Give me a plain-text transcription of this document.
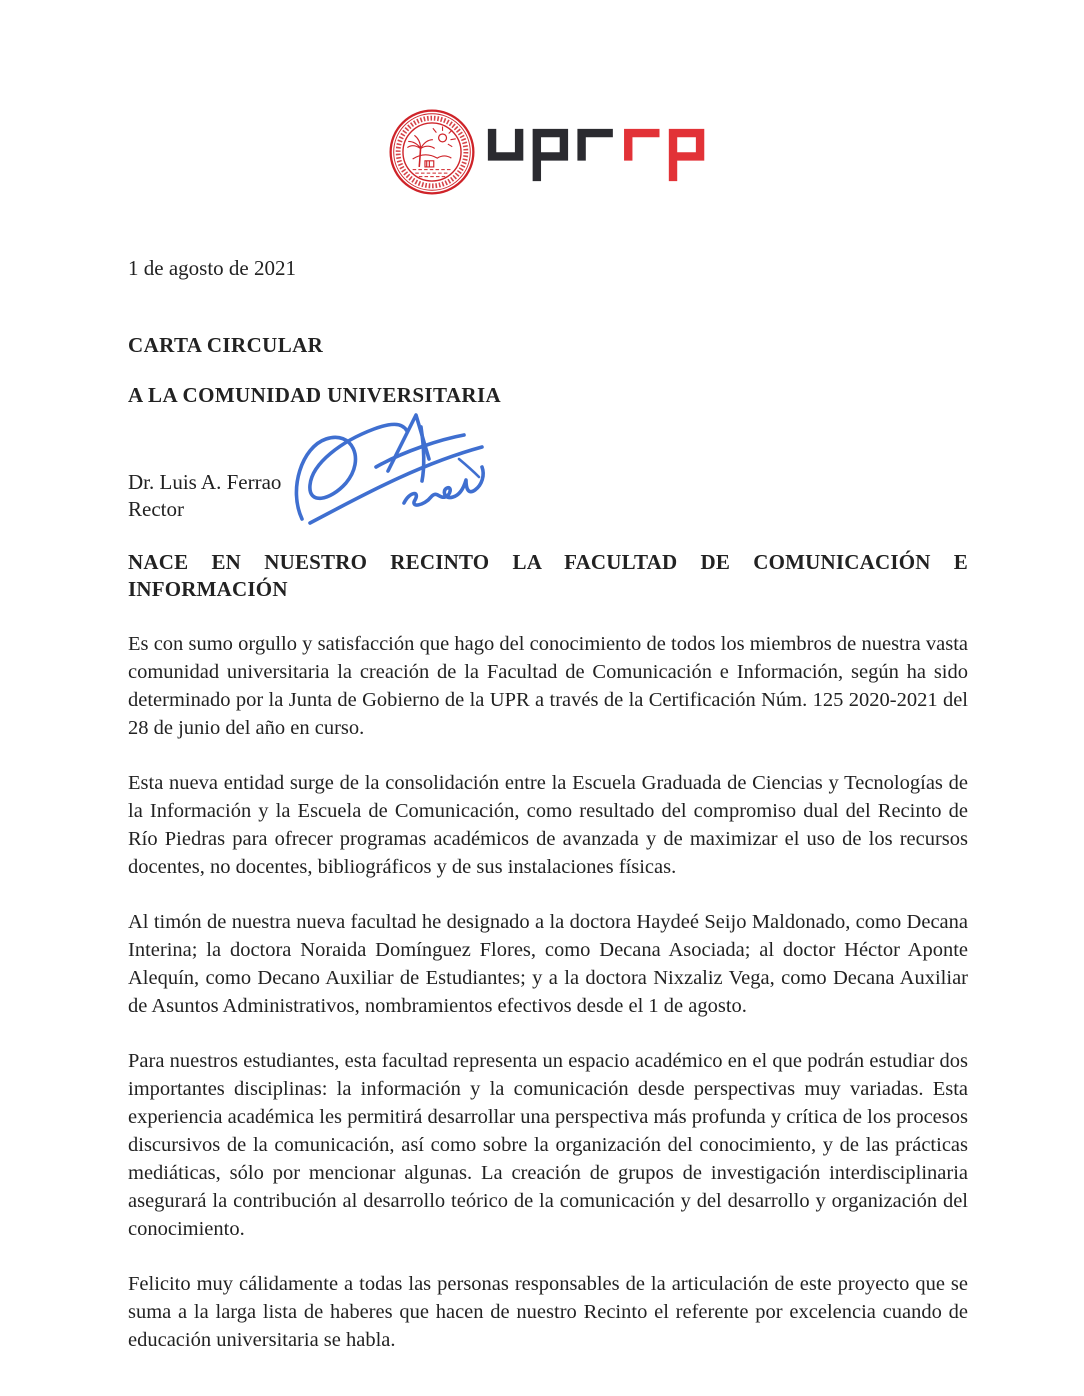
1 de agosto de 2021
CARTA CIRCULAR
A LA COMUNIDAD UNIVERSITARIA
Dr. Luis A. Ferrao
Rector
NACE EN NUESTRO RECINTO LA FACULTAD DE COMUNICACIÓN E
INFORMACIÓN

Es con sumo orgullo y satisfacción que hago del conocimiento de todos los miembros de nuestra vasta comunidad universitaria la creación de la Facultad de Comunicación e Información, según ha sido determinado por la Junta de Gobierno de la UPR a través de la Certificación Núm. 125 2020-2021 del 28 de junio del año en curso.

Esta nueva entidad surge de la consolidación entre la Escuela Graduada de Ciencias y Tecnologías de la Información y la Escuela de Comunicación, como resultado del compromiso dual del Recinto de Río Piedras para ofrecer programas académicos de avanzada y de maximizar el uso de los recursos docentes, no docentes, bibliográficos y de sus instalaciones físicas.

Al timón de nuestra nueva facultad he designado a la doctora Haydeé Seijo Maldonado, como Decana Interina; la doctora Noraida Domínguez Flores, como Decana Asociada; al doctor Héctor Aponte Alequín, como Decano Auxiliar de Estudiantes; y a la doctora Nixzaliz Vega, como Decana Auxiliar de Asuntos Administrativos, nombramientos efectivos desde el 1 de agosto.

Para nuestros estudiantes, esta facultad representa un espacio académico en el que podrán estudiar dos importantes disciplinas: la información y la comunicación desde perspectivas muy variadas. Esta experiencia académica les permitirá desarrollar una perspectiva más profunda y crítica de los procesos discursivos de la comunicación, así como sobre la organización del conocimiento, y de las prácticas mediáticas, sólo por mencionar algunas. La creación de grupos de investigación interdisciplinaria asegurará la contribución al desarrollo teórico de la comunicación y del desarrollo y organización del conocimiento.

Felicito muy cálidamente a todas las personas responsables de la articulación de este proyecto que se suma a la larga lista de haberes que hacen de nuestro Recinto el referente por excelencia cuando de educación universitaria se habla.
